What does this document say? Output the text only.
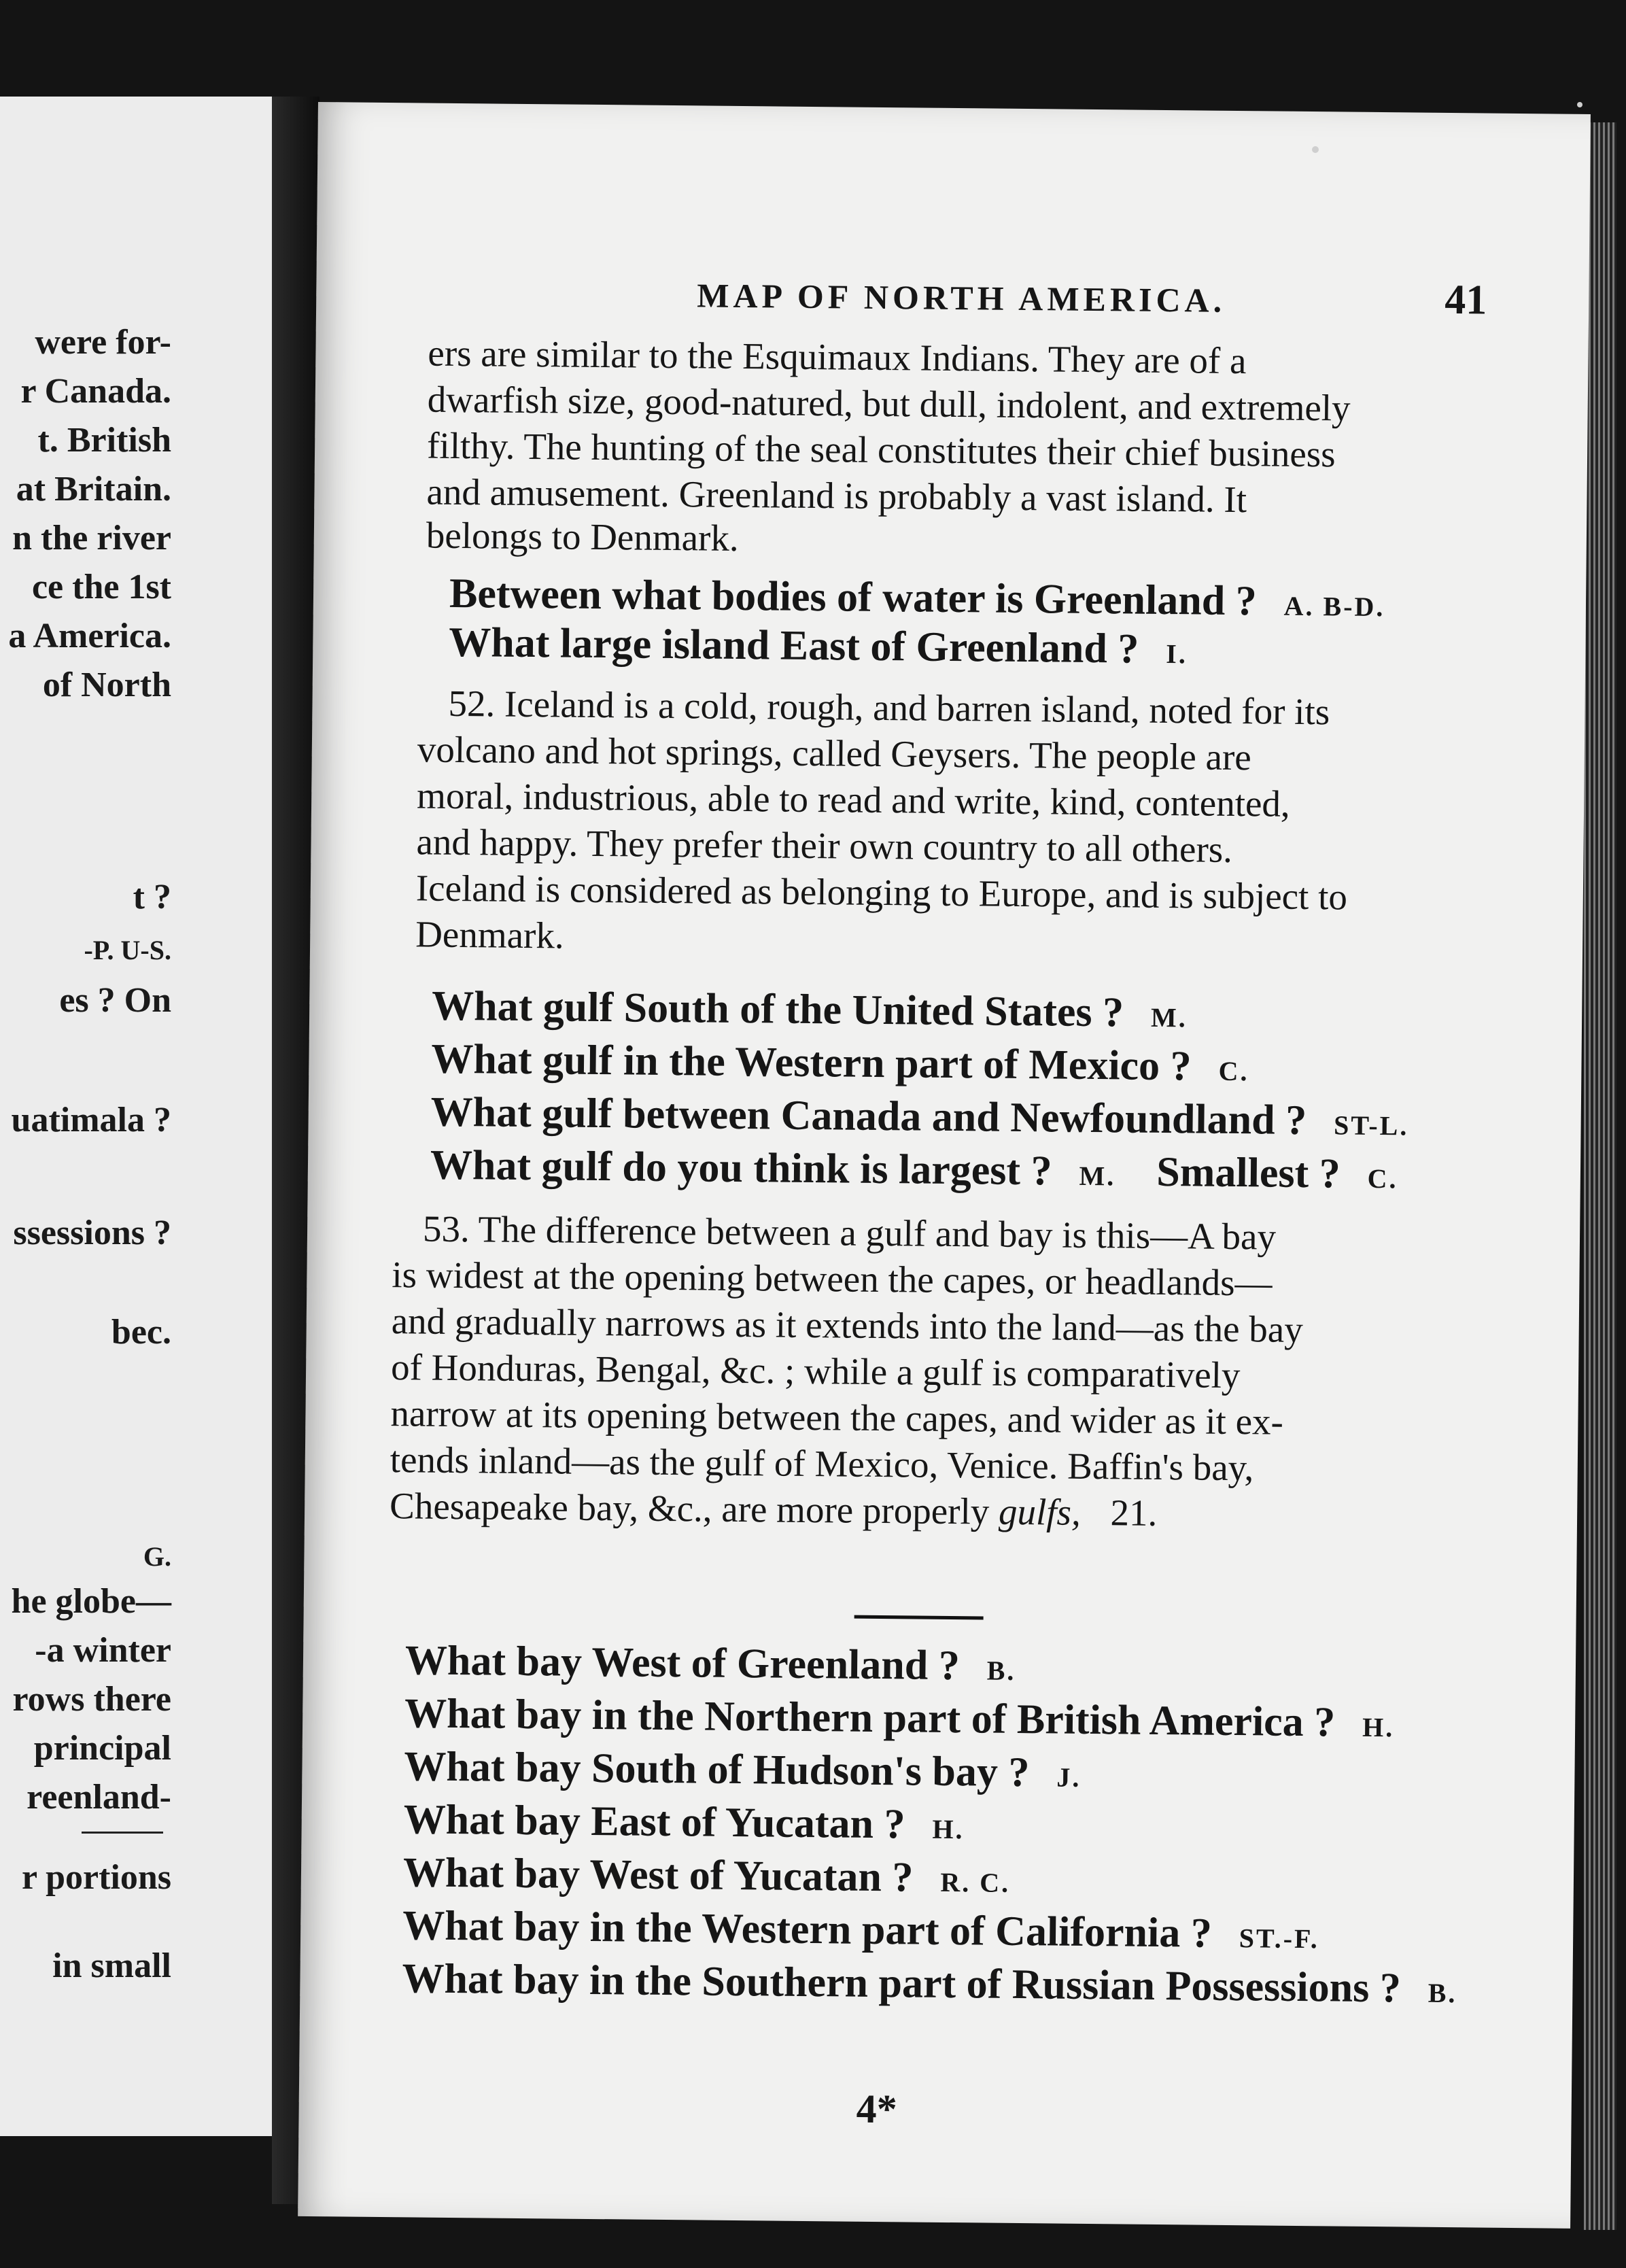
were for-
r Canada.
t. British
at Britain.
n the river
ce the 1st
a America.
of North
t ?
-P. U-S.
es ? On
uatimala ?
ssessions ?
bec.
G.
he globe—
-a winter
rows there
principal
reenland-
r portions
in small
MAP OF NORTH AMERICA.	41
ers are similar to the Esquimaux Indians. They are of a
dwarfish size, good-natured, but dull, indolent, and extremely
filthy. The hunting of the seal constitutes their chief business
and amusement. Greenland is probably a vast island. It
belongs to Denmark.
Between what bodies of water is Greenland ? A. B-D.
What large island East of Greenland ? I.
52. Iceland is a cold, rough, and barren island, noted for its
volcano and hot springs, called Geysers. The people are
moral, industrious, able to read and write, kind, contented,
and happy. They prefer their own country to all others.
Iceland is considered as belonging to Europe, and is subject to
Denmark.
What gulf South of the United States ? M.
What gulf in the Western part of Mexico ? C.
What gulf between Canada and Newfoundland ? ST-L.
What gulf do you think is largest ? M. Smallest ? C.
53. The difference between a gulf and bay is this—A bay
is widest at the opening between the capes, or headlands—
and gradually narrows as it extends into the land—as the bay
of Honduras, Bengal, &c. ; while a gulf is comparatively
narrow at its opening between the capes, and wider as it ex-
tends inland—as the gulf of Mexico, Venice. Baffin's bay,
Chesapeake bay, &c., are more properly gulfs, 21.
What bay West of Greenland ? B.
What bay in the Northern part of British America ? H.
What bay South of Hudson's bay ? J.
What bay East of Yucatan ? H.
What bay West of Yucatan ? R. C.
What bay in the Western part of California ? ST.-F.
What bay in the Southern part of Russian Possessions ? B.
4*
